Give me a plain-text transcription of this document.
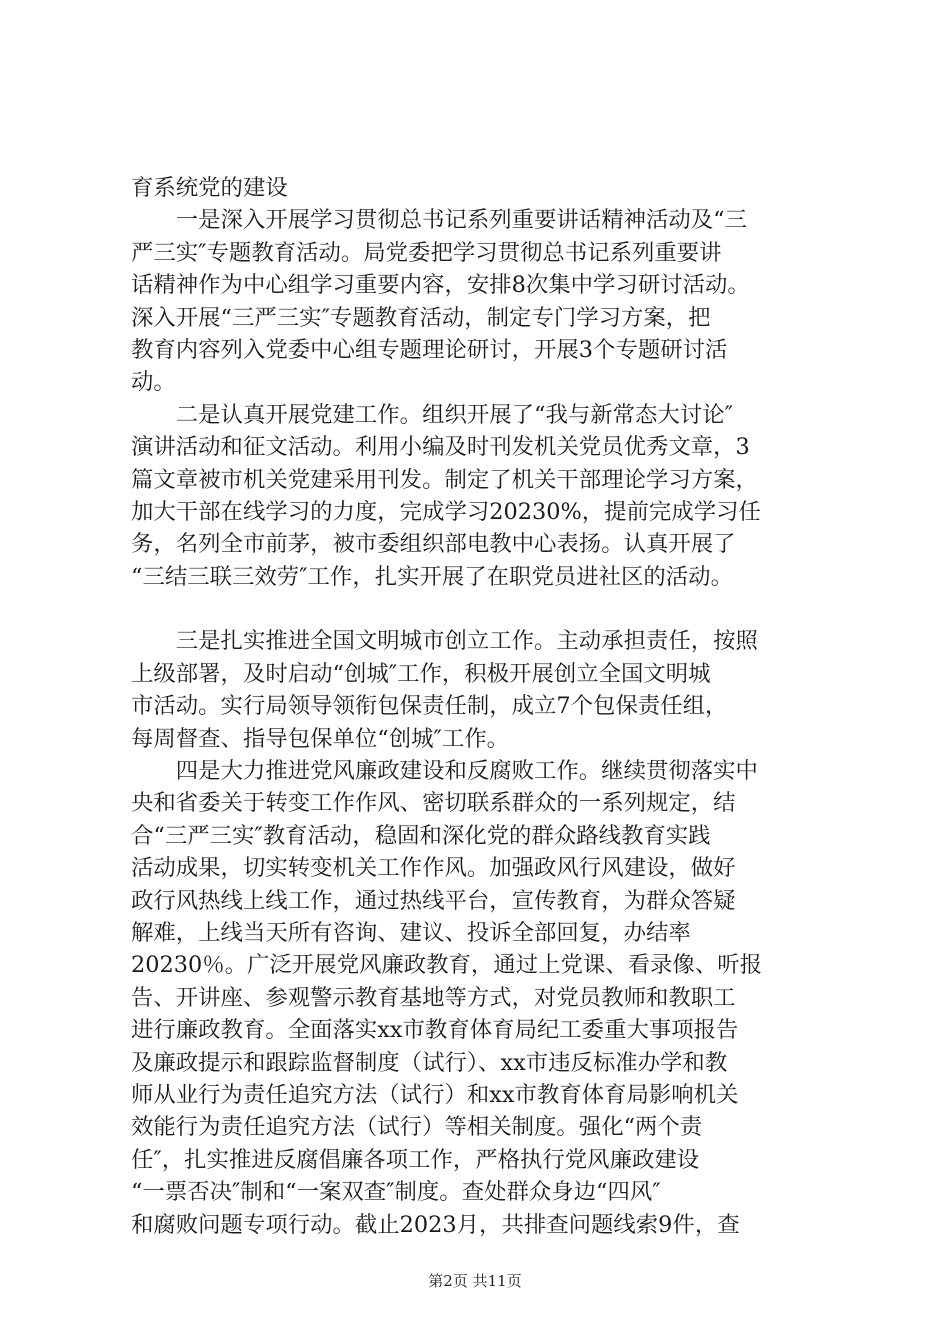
育系统党的建设
　　一是深入开展学习贯彻总书记系列重要讲话精神活动及“三
严三实″专题教育活动。局党委把学习贯彻总书记系列重要讲
话精神作为中心组学习重要内容，安排8次集中学习研讨活动。
深入开展“三严三实″专题教育活动，制定专门学习方案，把
教育内容列入党委中心组专题理论研讨，开展3个专题研讨活
动。
　　二是认真开展党建工作。组织开展了“我与新常态大讨论″
演讲活动和征文活动。利用小编及时刊发机关党员优秀文章，3
篇文章被市机关党建采用刊发。制定了机关干部理论学习方案，
加大干部在线学习的力度，完成学习20230%，提前完成学习任
务，名列全市前茅，被市委组织部电教中心表扬。认真开展了
“三结三联三效劳″工作，扎实开展了在职党员进社区的活动。
　　三是扎实推进全国文明城市创立工作。主动承担责任，按照
上级部署，及时启动“创城″工作，积极开展创立全国文明城
市活动。实行局领导领衔包保责任制，成立7个包保责任组，
每周督查、指导包保单位“创城″工作。
　　四是大力推进党风廉政建设和反腐败工作。继续贯彻落实中
央和省委关于转变工作作风、密切联系群众的一系列规定，结
合“三严三实″教育活动，稳固和深化党的群众路线教育实践
活动成果，切实转变机关工作作风。加强政风行风建设，做好
政行风热线上线工作，通过热线平台，宣传教育，为群众答疑
解难，上线当天所有咨询、建议、投诉全部回复，办结率
20230％。广泛开展党风廉政教育，通过上党课、看录像、听报
告、开讲座、参观警示教育基地等方式，对党员教师和教职工
进行廉政教育。全面落实xx市教育体育局纪工委重大事项报告
及廉政提示和跟踪监督制度（试行）、xx市违反标准办学和教
师从业行为责任追究方法（试行）和xx市教育体育局影响机关
效能行为责任追究方法（试行）等相关制度。强化“两个责
任″，扎实推进反腐倡廉各项工作，严格执行党风廉政建设
“一票否决″制和“一案双查″制度。查处群众身边“四风″
和腐败问题专项行动。截止2023月，共排查问题线索9件，查
第2页 共11页
